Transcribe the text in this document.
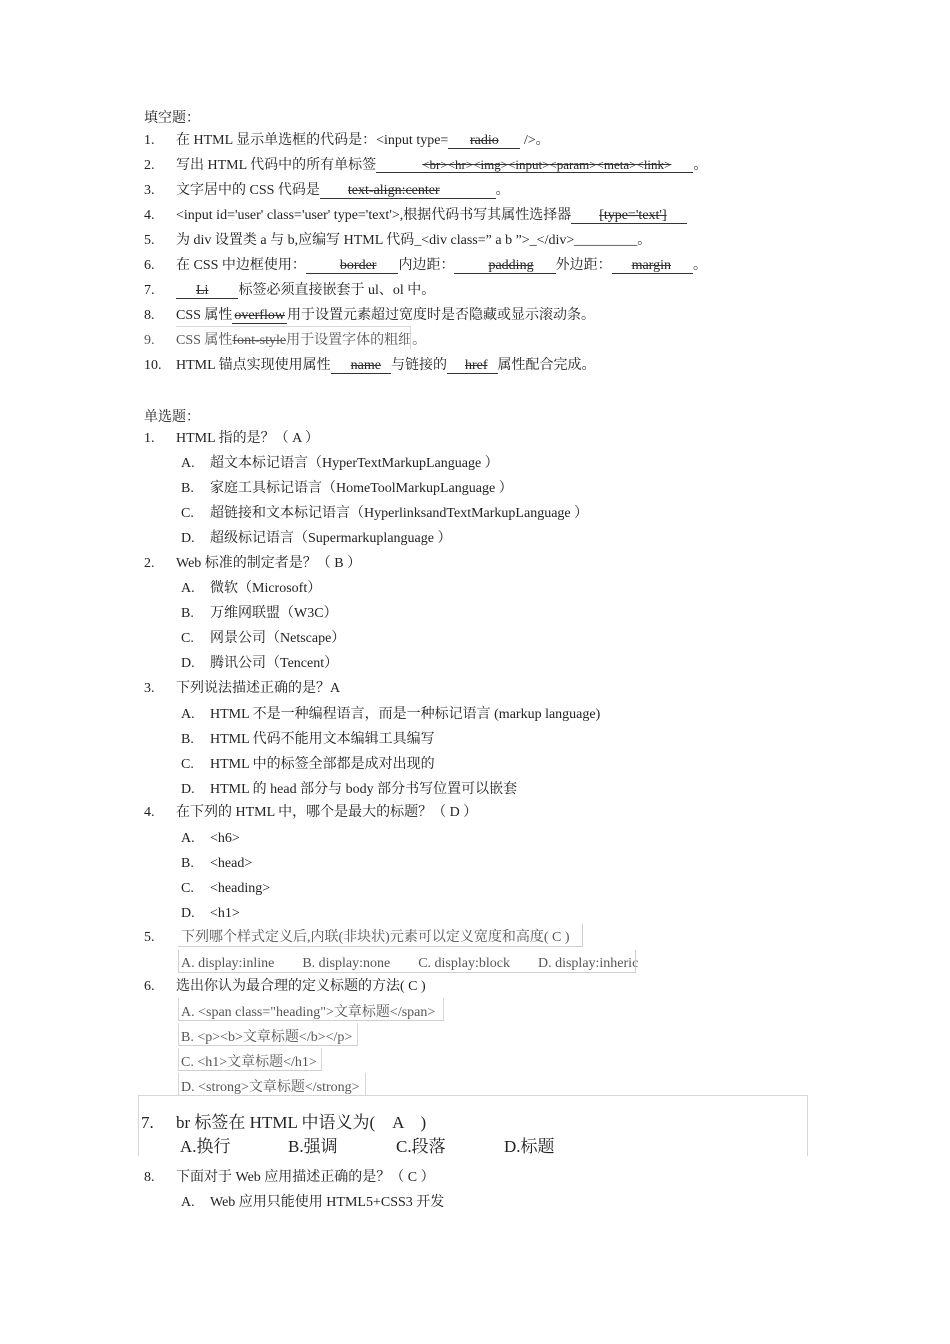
填空题：
1. 在 HTML 显示单选框的代码是：<input type= radio />。
2. 写出 HTML 代码中的所有单标签	<br><hr><img><input><param><meta><link> 。
3. 文字居中的 CSS 代码是 text-align:center	。
4. <input id='user' class='user' type='text'>,根据代码书写其属性选择器 [type='text']
5. 为 div 设置类 a 与 b,应编写 HTML 代码_<div class=” a b ”>_</div>_________。
6. 在 CSS 中边框使用： border 内边距： padding 外边距： margin 。
7.	Li 标签必须直接嵌套于 ul、ol 中。
8. CSS 属性 overflow 用于设置元素超过宽度时是否隐藏或显示滚动条。
9. CSS 属性font-style用于设置字体的粗细。
10. HTML 锚点实现使用属性 name 与链接的 href 属性配合完成。
单选题：
1. HTML 指的是？（ A ）
A. 超文本标记语言（HyperTextMarkupLanguage ）
B. 家庭工具标记语言（HomeToolMarkupLanguage ）
C. 超链接和文本标记语言（HyperlinksandTextMarkupLanguage ）
D. 超级标记语言（Supermarkuplanguage ）
2. Web 标准的制定者是？（ B ）
A. 微软（Microsoft）
B. 万维网联盟（W3C）
C. 网景公司（Netscape）
D. 腾讯公司（Tencent）
3. 下列说法描述正确的是？A
A. HTML 不是一种编程语言，而是一种标记语言 (markup language)
B. HTML 代码不能用文本编辑工具编写
C. HTML 中的标签全部都是成对出现的
D. HTML 的 head 部分与 body 部分书写位置可以嵌套
4. 在下列的 HTML 中，哪个是最大的标题？（ D ）
A. <h6>
B. <head>
C. <heading>
D. <h1>
5. 下列哪个样式定义后,内联(非块状)元素可以定义宽度和高度( C )
A. display:inline　　B. display:none　　C. display:block　　D. display:inheric
6. 选出你认为最合理的定义标题的方法( C )
A. <span class="heading">文章标题</span>
B. <p><b>文章标题</b></p>
C. <h1>文章标题</h1>
D. <strong>文章标题</strong>
7. br 标签在 HTML 中语义为(　A　)
A.换行	B.强调	C.段落	D.标题
8. 下面对于 Web 应用描述正确的是？（ C ）
A. Web 应用只能使用 HTML5+CSS3 开发
